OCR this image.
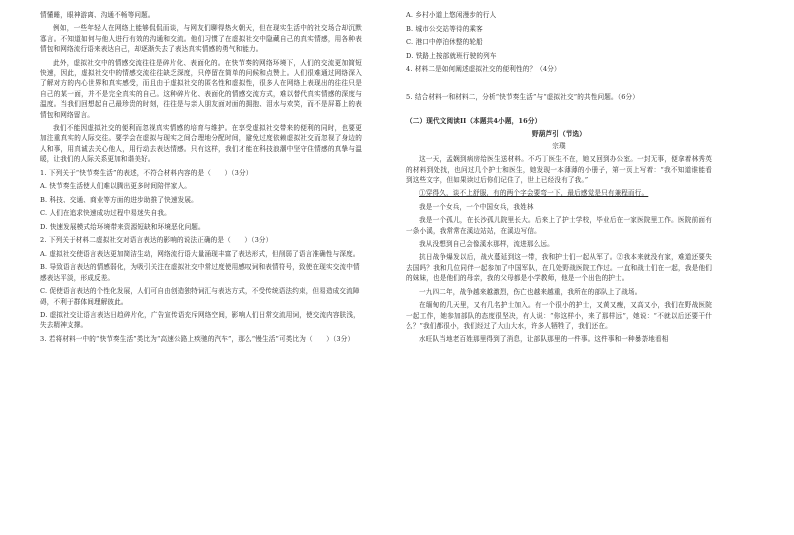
情懂睡，眼神游离、沟通不畅等问题。

例如，一些年轻人在网络上能够侃侃而谈，与网友们聊得热火朝天，但在现实生活中的社交场合却沉默寡言。不知道如何与他人进行有效的沟通和交流。他们习惯了在虚拟社交中隐藏自己的真实情感，用各种表情包和网络流行语来表达自己，却逐渐失去了表达真实情感的勇气和能力。

此外，虚拟社交中的情感交流往往是碎片化、表面化的。在快节奏的网络环境下，人们的交流更加简短快速，因此，虚拟社交中的情感交流往往缺乏深度，只停留在简单的问候和点赞上。人们很难通过网络深入了解对方的内心世界和真实感受，而且由于虚拟社交的匿名性和虚拟性，很多人在网络上表现出的往往只是自己的某一面，并不是完全真实的自己。这种碎片化、表面化的情感交流方式，难以替代真实情感的深度与温度。当我们回想起自己最珍贵的时刻，往往是与亲人朋友面对面的拥抱、泪水与欢笑，而不是屏幕上的表情包和网络留言。

我们不能因虚拟社交的便利而忽视真实情感的培育与维护。在享受虚拟社交带来的便利的同时，也要更加注重真实的人际交往。要学会在虚拟与现实之间合理地分配时间，避免过度依赖虚拟社交而忽视了身边的人和事，用真诚去关心他人，用行动去表达情感。只有这样，我们才能在科技浪潮中坚守住情感的真挚与温暖，让我们的人际关系更加和谐美好。

1. 下列关于“快节奏生活”的表述，不符合材料内容的是（　　）（3分）
A. 快节奏生活使人们难以腾出更多时间陪伴家人。
B. 科技、交通、商业等方面的进步助推了快速发展。
C. 人们在追求快速成功过程中易迷失自我。
D. 快速发展模式给环境带来资源短缺和环境恶化问题。
2. 下列关于材料二虚拟社交对语言表达的影响的说法正确的是（　　）（3分）
A. 虚拟社交使语言表达更加简洁生动，网络流行语大量涌现丰富了表达形式，但削弱了语言准确性与深度。
B. 导致语言表达的情感弱化，为吸引关注在虚拟社交中常过度使用感叹词和表情符号，致使在现实交流中情感表达平淡，形成反差。
C. 促使语言表达的个性化发展，人们可自由创造独特词汇与表达方式，不受传统语法约束，但易造成交流障碍，不利于群体间理解彼此。
D. 虚拟社交让语言表达日趋碎片化，广告宣传语充斥网络空间，影响人们日常交流用词，使交流内容肤浅，失去精神支撑。
3. 若将材料一中的“快节奏生活”类比为“高速公路上疾驰的汽车”，那么“慢生活”可类比为（　　）（3分）
A. 乡村小道上悠闲漫步的行人
B. 城市公交站等待的乘客
C. 港口中停泊休整的轮船
D. 铁路上按部就班行驶的列车
4. 材料二是如何阐述虚拟社交的便利性的？（4分）
5. 结合材料一和材料二，分析“快节奏生活”与“虚拟社交”的共性问题。（6分）
（二）现代文阅读II（本题共4小题，16分）
野葫芦引（节选）
宗璞

这一天，孟娴到病房给医生送材料。不巧丁医生不在，她又回到办公室。一封无事，便拿着林秀英的材料到处找，也问过几个护士和医生，她发现一本薄薄的小册子，第一页上写着：“我不知道谁能看到这些文字，但如果读过后你们记住了，世上已经没有了我。”

①穿得久，谈不上舒服，有的两个字会要弯一下，最后感觉是只有兼程而行。

我是一个女兵，一个中国女兵，我姓林

我是一个孤儿，在长沙孤儿院里长大。后来上了护士学校，毕业后在一家医院里工作。医院前面有一条小溪，我常常在溪边站站，在溪边写信。

我从没想到自己会像溪水那样，流进那么远。

抗日战争爆发以后，战火蔓延到这一带，我和护士们一起从军了。②我本来就没有家，难道还要失去国吗？我和几位同伴一起参加了中国军队，在几处野战医院工作过。一直和战士们在一起，我是他们的妹妹，也是他们的母亲，我的父母都是小学教师，他是一个出色的护士。

一九四二年，战争越来越激烈，伤亡也越来越重，我所在的部队上了战场。

在缅甸的几天里，又有几名护士加入。有一个很小的护士，又黄又瘦，又高又小，我们在野战医院一起工作，她参加部队的态度很坚决，有人说：“你这样小，来了那样远”，她说：“不就以后还要干什么？”我们都很小，我们经过了大山大水，许多人牺牲了，我们还在。

水旺队当地老百姓那里得到了消息，让部队那里的一件事。这件事和一种暴荼地看相
